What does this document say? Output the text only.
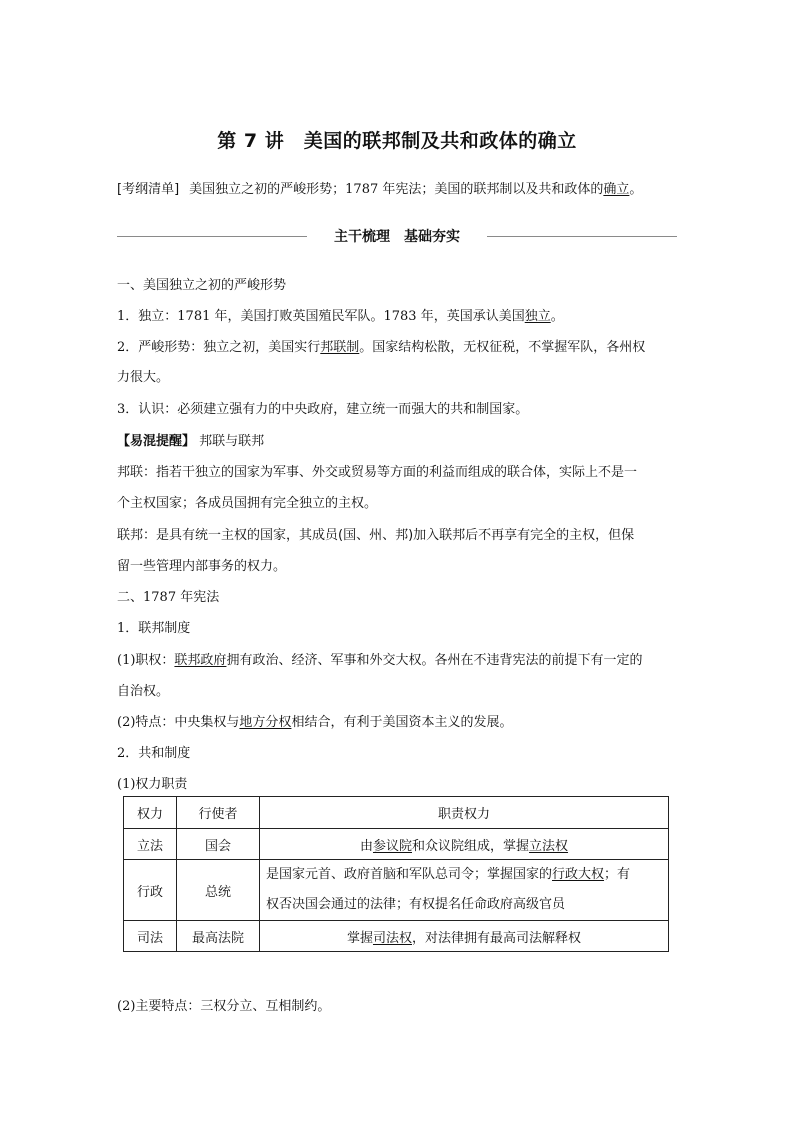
第 7 讲　美国的联邦制及共和政体的确立
[考纲清单] 美国独立之初的严峻形势；1787 年宪法；美国的联邦制以及共和政体的确立。
主干梳理　基础夯实
一、美国独立之初的严峻形势
1．独立：1781 年，美国打败英国殖民军队。1783 年，英国承认美国独立。
2．严峻形势：独立之初，美国实行邦联制。国家结构松散，无权征税，不掌握军队，各州权
力很大。
3．认识：必须建立强有力的中央政府，建立统一而强大的共和制国家。
【易混提醒】 邦联与联邦
邦联：指若干独立的国家为军事、外交或贸易等方面的利益而组成的联合体，实际上不是一
个主权国家；各成员国拥有完全独立的主权。
联邦：是具有统一主权的国家，其成员(国、州、邦)加入联邦后不再享有完全的主权，但保
留一些管理内部事务的权力。
二、1787 年宪法
1．联邦制度
(1)职权：联邦政府拥有政治、经济、军事和外交大权。各州在不违背宪法的前提下有一定的
自治权。
(2)特点：中央集权与地方分权相结合，有利于美国资本主义的发展。
2．共和制度
(1)权力职责
权力	行使者	职责权力
立法	国会	由参议院和众议院组成，掌握立法权
行政	总统	是国家元首、政府首脑和军队总司令；掌握国家的行政大权；有
权否决国会通过的法律；有权提名任命政府高级官员
司法	最高法院	掌握司法权，对法律拥有最高司法解释权
(2)主要特点：三权分立、互相制约。
